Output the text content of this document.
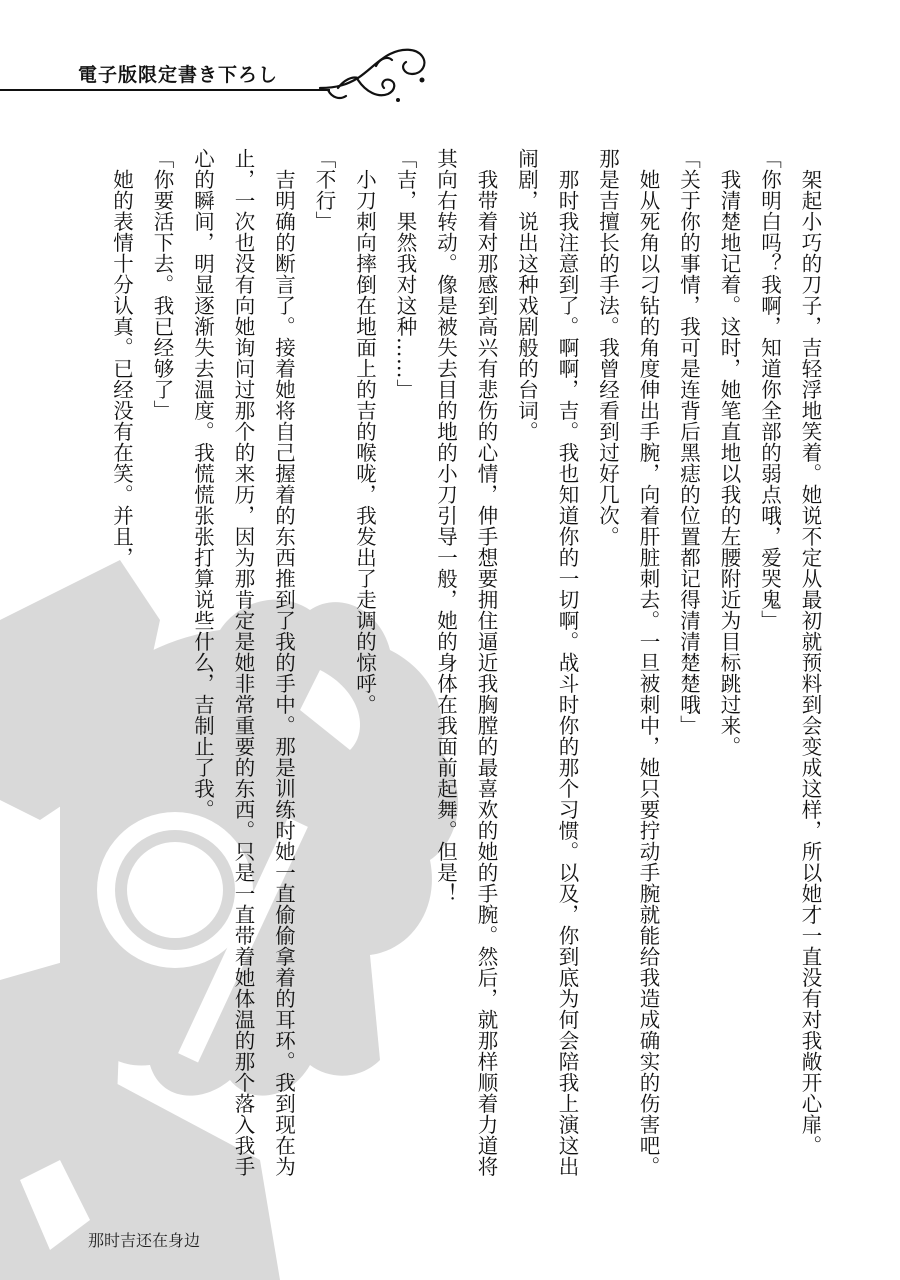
電子版限定書き下ろし

　架起小巧的刀子，吉轻浮地笑着。她说不定从最初就预料到会变成这样，所以她才一直没有对我敞开心扉。

「你明白吗？我啊，知道你全部的弱点哦，爱哭鬼」

　我清楚地记着。这时，她笔直地以我的左腰附近为目标跳过来。

「关于你的事情，我可是连背后黑痣的位置都记得清清楚楚哦」

　她从死角以刁钻的角度伸出手腕，向着肝脏刺去。一旦被刺中，她只要拧动手腕就能给我造成确实的伤害吧。那是吉擅长的手法。我曾经看到过好几次。

　那时我注意到了。啊啊，吉。我也知道你的一切啊。战斗时你的那个习惯。以及，你到底为何会陪我上演这出闹剧，说出这种戏剧般的台词。

　我带着对那感到高兴有悲伤的心情，伸手想要拥住逼近我胸膛的最喜欢的她的手腕。然后，就那样顺着力道将其向右转动。像是被失去目的地的小刀引导一般，她的身体在我面前起舞。但是！

「吉，果然我对这种……」

　小刀刺向摔倒在地面上的吉的喉咙，我发出了走调的惊呼。

「不行」

　吉明确的断言了。接着她将自己握着的东西推到了我的手中。那是训练时她一直偷偷拿着的耳环。我到现在为止，一次也没有向她询问过那个的来历，因为那肯定是她非常重要的东西。只是一直带着她体温的那个落入我手心的瞬间，明显逐渐失去温度。我慌慌张张打算说些什么，吉制止了我。

「你要活下去。我已经够了」

　她的表情十分认真。已经没有在笑。并且，

那时吉还在身边
